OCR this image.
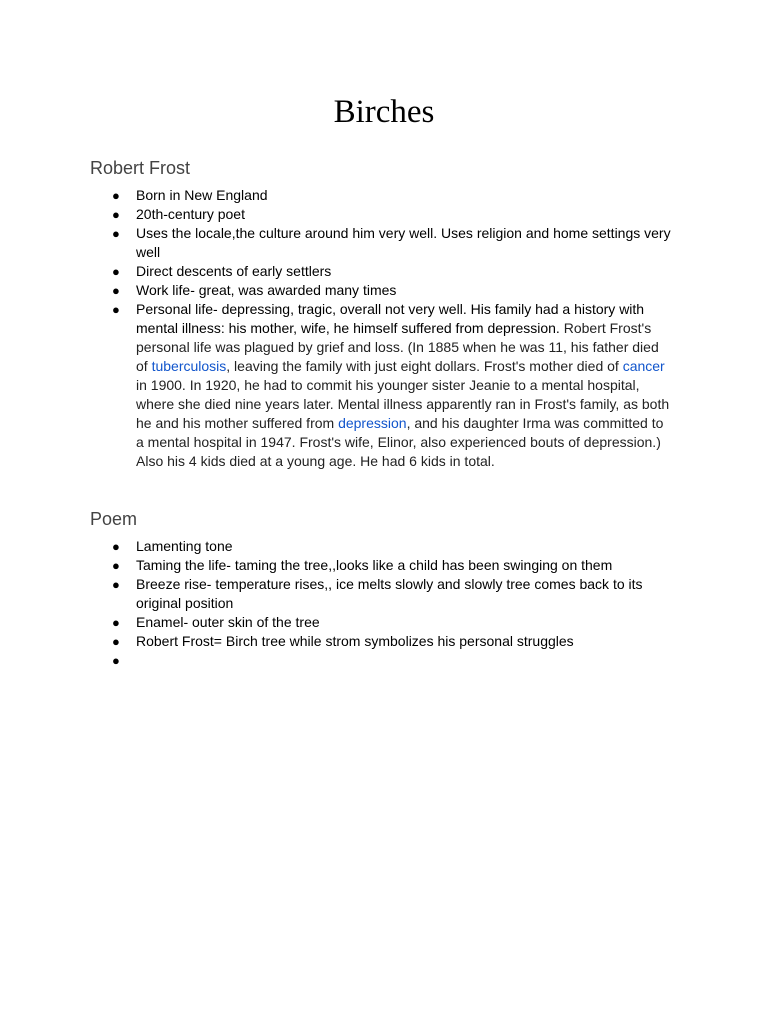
Birches
Robert Frost
● Born in New England
● 20th-century poet
● Uses the locale,the culture around him very well. Uses religion and home settings very well
● Direct descents of early settlers
● Work life- great, was awarded many times
● Personal life- depressing, tragic, overall not very well. His family had a history with mental illness: his mother, wife, he himself suffered from depression. Robert Frost's personal life was plagued by grief and loss. (In 1885 when he was 11, his father died of tuberculosis, leaving the family with just eight dollars. Frost's mother died of cancer in 1900. In 1920, he had to commit his younger sister Jeanie to a mental hospital, where she died nine years later. Mental illness apparently ran in Frost's family, as both he and his mother suffered from depression, and his daughter Irma was committed to a mental hospital in 1947. Frost's wife, Elinor, also experienced bouts of depression.) Also his 4 kids died at a young age. He had 6 kids in total.
Poem
● Lamenting tone
● Taming the life- taming the tree,,looks like a child has been swinging on them
● Breeze rise- temperature rises,, ice melts slowly and slowly tree comes back to its original position
● Enamel- outer skin of the tree
● Robert Frost= Birch tree while strom symbolizes his personal struggles
●
